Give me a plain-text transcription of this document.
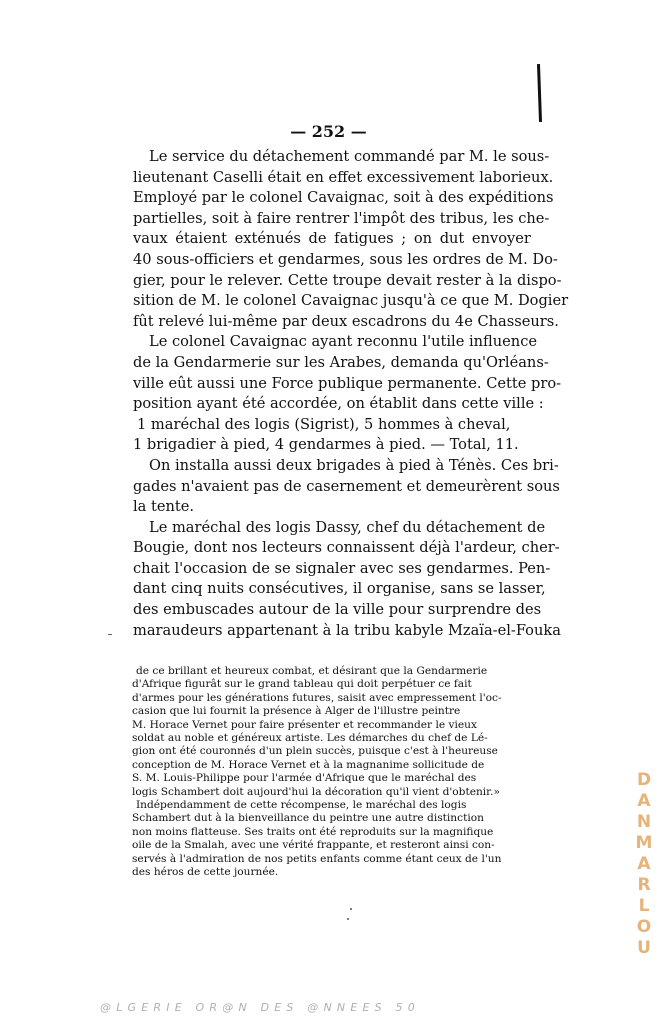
— 252 —
Le service du détachement commandé par M. le sous-
lieutenant Caselli était en effet excessivement laborieux.
Employé par le colonel Cavaignac, soit à des expéditions
partielles, soit à faire rentrer l'impôt des tribus, les che-
vaux étaient exténués de fatigues ; on dut envoyer
40 sous-officiers et gendarmes, sous les ordres de M. Do-
gier, pour le relever. Cette troupe devait rester à la dispo-
sition de M. le colonel Cavaignac jusqu'à ce que M. Dogier
fût relevé lui-même par deux escadrons du 4e Chasseurs.
Le colonel Cavaignac ayant reconnu l'utile influence
de la Gendarmerie sur les Arabes, demanda qu'Orléans-
ville eût aussi une Force publique permanente. Cette pro-
position ayant été accordée, on établit dans cette ville :
1 maréchal des logis (Sigrist), 5 hommes à cheval,
1 brigadier à pied, 4 gendarmes à pied. — Total, 11.
On installa aussi deux brigades à pied à Ténès. Ces bri-
gades n'avaient pas de casernement et demeurèrent sous
la tente.
Le maréchal des logis Dassy, chef du détachement de
Bougie, dont nos lecteurs connaissent déjà l'ardeur, cher-
chait l'occasion de se signaler avec ses gendarmes. Pen-
dant cinq nuits consécutives, il organise, sans se lasser,
des embuscades autour de la ville pour surprendre des
maraudeurs appartenant à la tribu kabyle Mzaïa-el-Fouka
de ce brillant et heureux combat, et désirant que la Gendarmerie
d'Afrique figurât sur le grand tableau qui doit perpétuer ce fait
d'armes pour les générations futures, saisit avec empressement l'oc-
casion que lui fournit la présence à Alger de l'illustre peintre
M. Horace Vernet pour faire présenter et recommander le vieux
soldat au noble et généreux artiste. Les démarches du chef de Lé-
gion ont été couronnés d'un plein succès, puisque c'est à l'heureuse
conception de M. Horace Vernet et à la magnanime sollicitude de
S. M. Louis-Philippe pour l'armée d'Afrique que le maréchal des
logis Schambert doit aujourd'hui la décoration qu'il vient d'obtenir.»
Indépendamment de cette récompense, le maréchal des logis
Schambert dut à la bienveillance du peintre une autre distinction
non moins flatteuse. Ses traits ont été reproduits sur la magnifique
oile de la Smalah, avec une vérité frappante, et resteront ainsi con-
servés à l'admiration de nos petits enfants comme étant ceux de l'un
des héros de cette journée.	DANMARLOU
@LGERIE OR@N DES @NNEES 50
